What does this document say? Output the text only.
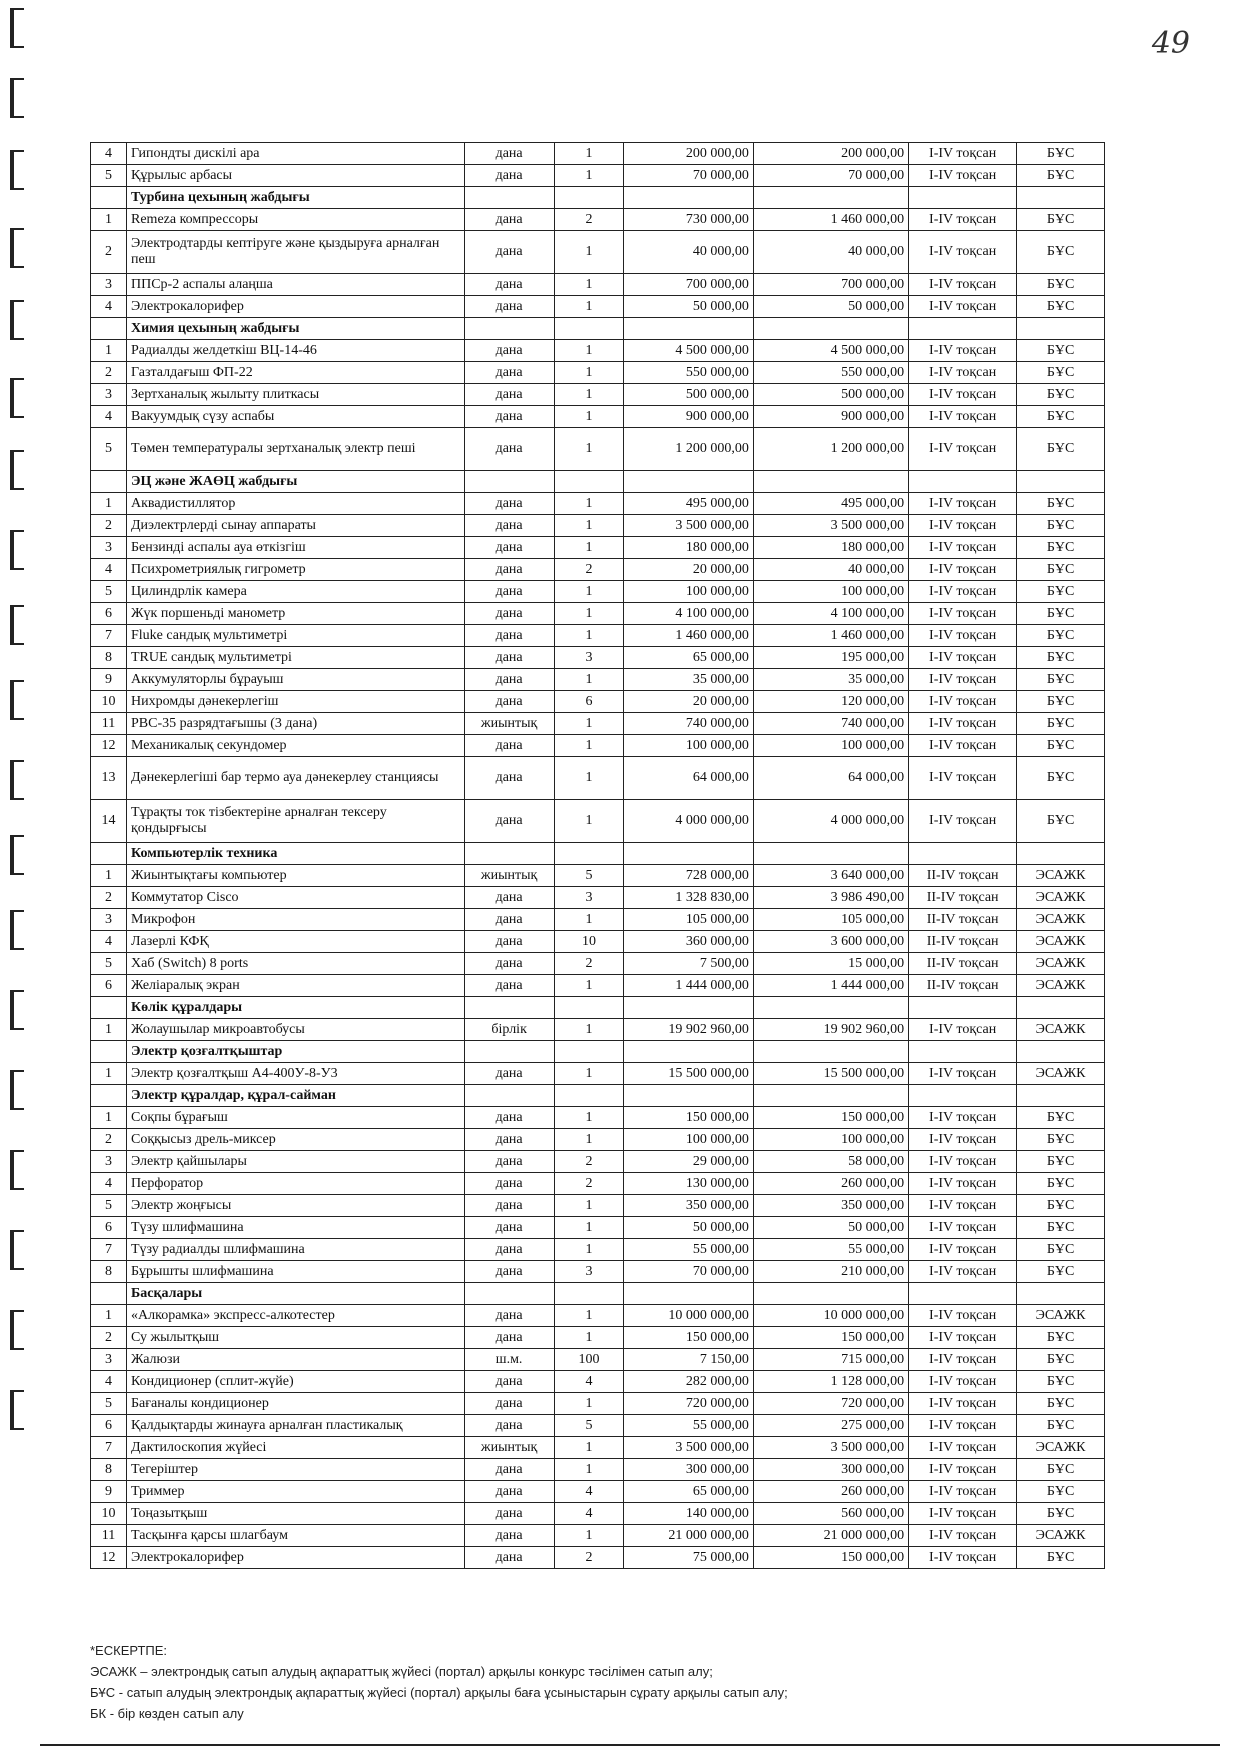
49
4	Гипондты дискілі ара	дана	1	200 000,00	200 000,00	I-IV тоқсан	БҰС
5	Құрылыс арбасы	дана	1	70 000,00	70 000,00	I-IV тоқсан	БҰС
	Турбина цехының жабдығы						
1	Remeza компрессоры	дана	2	730 000,00	1 460 000,00	I-IV тоқсан	БҰС
2	Электродтарды кептіруге және қыздыруға арналған пеш	дана	1	40 000,00	40 000,00	I-IV тоқсан	БҰС
3	ППСр-2 аспалы алаңша	дана	1	700 000,00	700 000,00	I-IV тоқсан	БҰС
4	Электрокалорифер	дана	1	50 000,00	50 000,00	I-IV тоқсан	БҰС
	Химия цехының жабдығы						
1	Радиалды желдеткіш ВЦ-14-46	дана	1	4 500 000,00	4 500 000,00	I-IV тоқсан	БҰС
2	Газталдағыш ФП-22	дана	1	550 000,00	550 000,00	I-IV тоқсан	БҰС
3	Зертханалық жылыту плиткасы	дана	1	500 000,00	500 000,00	I-IV тоқсан	БҰС
4	Вакуумдық сүзу аспабы	дана	1	900 000,00	900 000,00	I-IV тоқсан	БҰС
5	Төмен температуралы зертханалық электр пеші	дана	1	1 200 000,00	1 200 000,00	I-IV тоқсан	БҰС
	ЭЦ және ЖАӨЦ жабдығы						
1	Аквадистиллятор	дана	1	495 000,00	495 000,00	I-IV тоқсан	БҰС
2	Диэлектрлерді сынау аппараты	дана	1	3 500 000,00	3 500 000,00	I-IV тоқсан	БҰС
3	Бензинді аспалы ауа өткізгіш	дана	1	180 000,00	180 000,00	I-IV тоқсан	БҰС
4	Психрометриялық гигрометр	дана	2	20 000,00	40 000,00	I-IV тоқсан	БҰС
5	Цилиндрлік камера	дана	1	100 000,00	100 000,00	I-IV тоқсан	БҰС
6	Жүк поршеньді манометр	дана	1	4 100 000,00	4 100 000,00	I-IV тоқсан	БҰС
7	Fluke сандық мультиметрі	дана	1	1 460 000,00	1 460 000,00	I-IV тоқсан	БҰС
8	TRUE сандық мультиметрі	дана	3	65 000,00	195 000,00	I-IV тоқсан	БҰС
9	Аккумуляторлы бұрауыш	дана	1	35 000,00	35 000,00	I-IV тоқсан	БҰС
10	Нихромды дәнекерлегіш	дана	6	20 000,00	120 000,00	I-IV тоқсан	БҰС
11	РВС-35 разрядтағышы (3 дана)	жиынтық	1	740 000,00	740 000,00	I-IV тоқсан	БҰС
12	Механикалық секундомер	дана	1	100 000,00	100 000,00	I-IV тоқсан	БҰС
13	Дәнекерлегіші бар термо ауа дәнекерлеу станциясы	дана	1	64 000,00	64 000,00	I-IV тоқсан	БҰС
14	Тұрақты ток тізбектеріне арналған тексеру қондырғысы	дана	1	4 000 000,00	4 000 000,00	I-IV тоқсан	БҰС
	Компьютерлік техника						
1	Жиынтықтағы компьютер	жиынтық	5	728 000,00	3 640 000,00	II-IV тоқсан	ЭСАЖК
2	Коммутатор Cisco	дана	3	1 328 830,00	3 986 490,00	II-IV тоқсан	ЭСАЖК
3	Микрофон	дана	1	105 000,00	105 000,00	II-IV тоқсан	ЭСАЖК
4	Лазерлі КФҚ	дана	10	360 000,00	3 600 000,00	II-IV тоқсан	ЭСАЖК
5	Хаб (Switch) 8 ports	дана	2	7 500,00	15 000,00	II-IV тоқсан	ЭСАЖК
6	Желіаралық экран	дана	1	1 444 000,00	1 444 000,00	II-IV тоқсан	ЭСАЖК
	Көлік құралдары						
1	Жолаушылар микроавтобусы	бірлік	1	19 902 960,00	19 902 960,00	I-IV тоқсан	ЭСАЖК
	Электр қозғалтқыштар						
1	Электр қозғалтқыш А4-400У-8-У3	дана	1	15 500 000,00	15 500 000,00	I-IV тоқсан	ЭСАЖК
	Электр құралдар, құрал-сайман						
1	Соқпы бұрағыш	дана	1	150 000,00	150 000,00	I-IV тоқсан	БҰС
2	Соққысыз дрель-миксер	дана	1	100 000,00	100 000,00	I-IV тоқсан	БҰС
3	Электр қайшылары	дана	2	29 000,00	58 000,00	I-IV тоқсан	БҰС
4	Перфоратор	дана	2	130 000,00	260 000,00	I-IV тоқсан	БҰС
5	Электр жоңғысы	дана	1	350 000,00	350 000,00	I-IV тоқсан	БҰС
6	Түзу шлифмашина	дана	1	50 000,00	50 000,00	I-IV тоқсан	БҰС
7	Түзу радиалды шлифмашина	дана	1	55 000,00	55 000,00	I-IV тоқсан	БҰС
8	Бұрышты шлифмашина	дана	3	70 000,00	210 000,00	I-IV тоқсан	БҰС
	Басқалары						
1	«Алкорамка» экспресс-алкотестер	дана	1	10 000 000,00	10 000 000,00	I-IV тоқсан	ЭСАЖК
2	Су жылытқыш	дана	1	150 000,00	150 000,00	I-IV тоқсан	БҰС
3	Жалюзи	ш.м.	100	7 150,00	715 000,00	I-IV тоқсан	БҰС
4	Кондиционер (сплит-жүйе)	дана	4	282 000,00	1 128 000,00	I-IV тоқсан	БҰС
5	Бағаналы кондиционер	дана	1	720 000,00	720 000,00	I-IV тоқсан	БҰС
6	Қалдықтарды жинауға арналған пластикалық	дана	5	55 000,00	275 000,00	I-IV тоқсан	БҰС
7	Дактилоскопия жүйесі	жиынтық	1	3 500 000,00	3 500 000,00	I-IV тоқсан	ЭСАЖК
8	Тегеріштер	дана	1	300 000,00	300 000,00	I-IV тоқсан	БҰС
9	Триммер	дана	4	65 000,00	260 000,00	I-IV тоқсан	БҰС
10	Тоңазытқыш	дана	4	140 000,00	560 000,00	I-IV тоқсан	БҰС
11	Тасқынға қарсы шлагбаум	дана	1	21 000 000,00	21 000 000,00	I-IV тоқсан	ЭСАЖК
12	Электрокалорифер	дана	2	75 000,00	150 000,00	I-IV тоқсан	БҰС
*ЕСКЕРТПЕ:
ЭСАЖК – электрондық сатып алудың ақпараттық жүйесі (портал) арқылы конкурс тәсілімен сатып алу;
БҰС - сатып алудың электрондық ақпараттық жүйесі (портал) арқылы баға ұсыныстарын сұрату арқылы сатып алу;
БК - бір көзден сатып алу
